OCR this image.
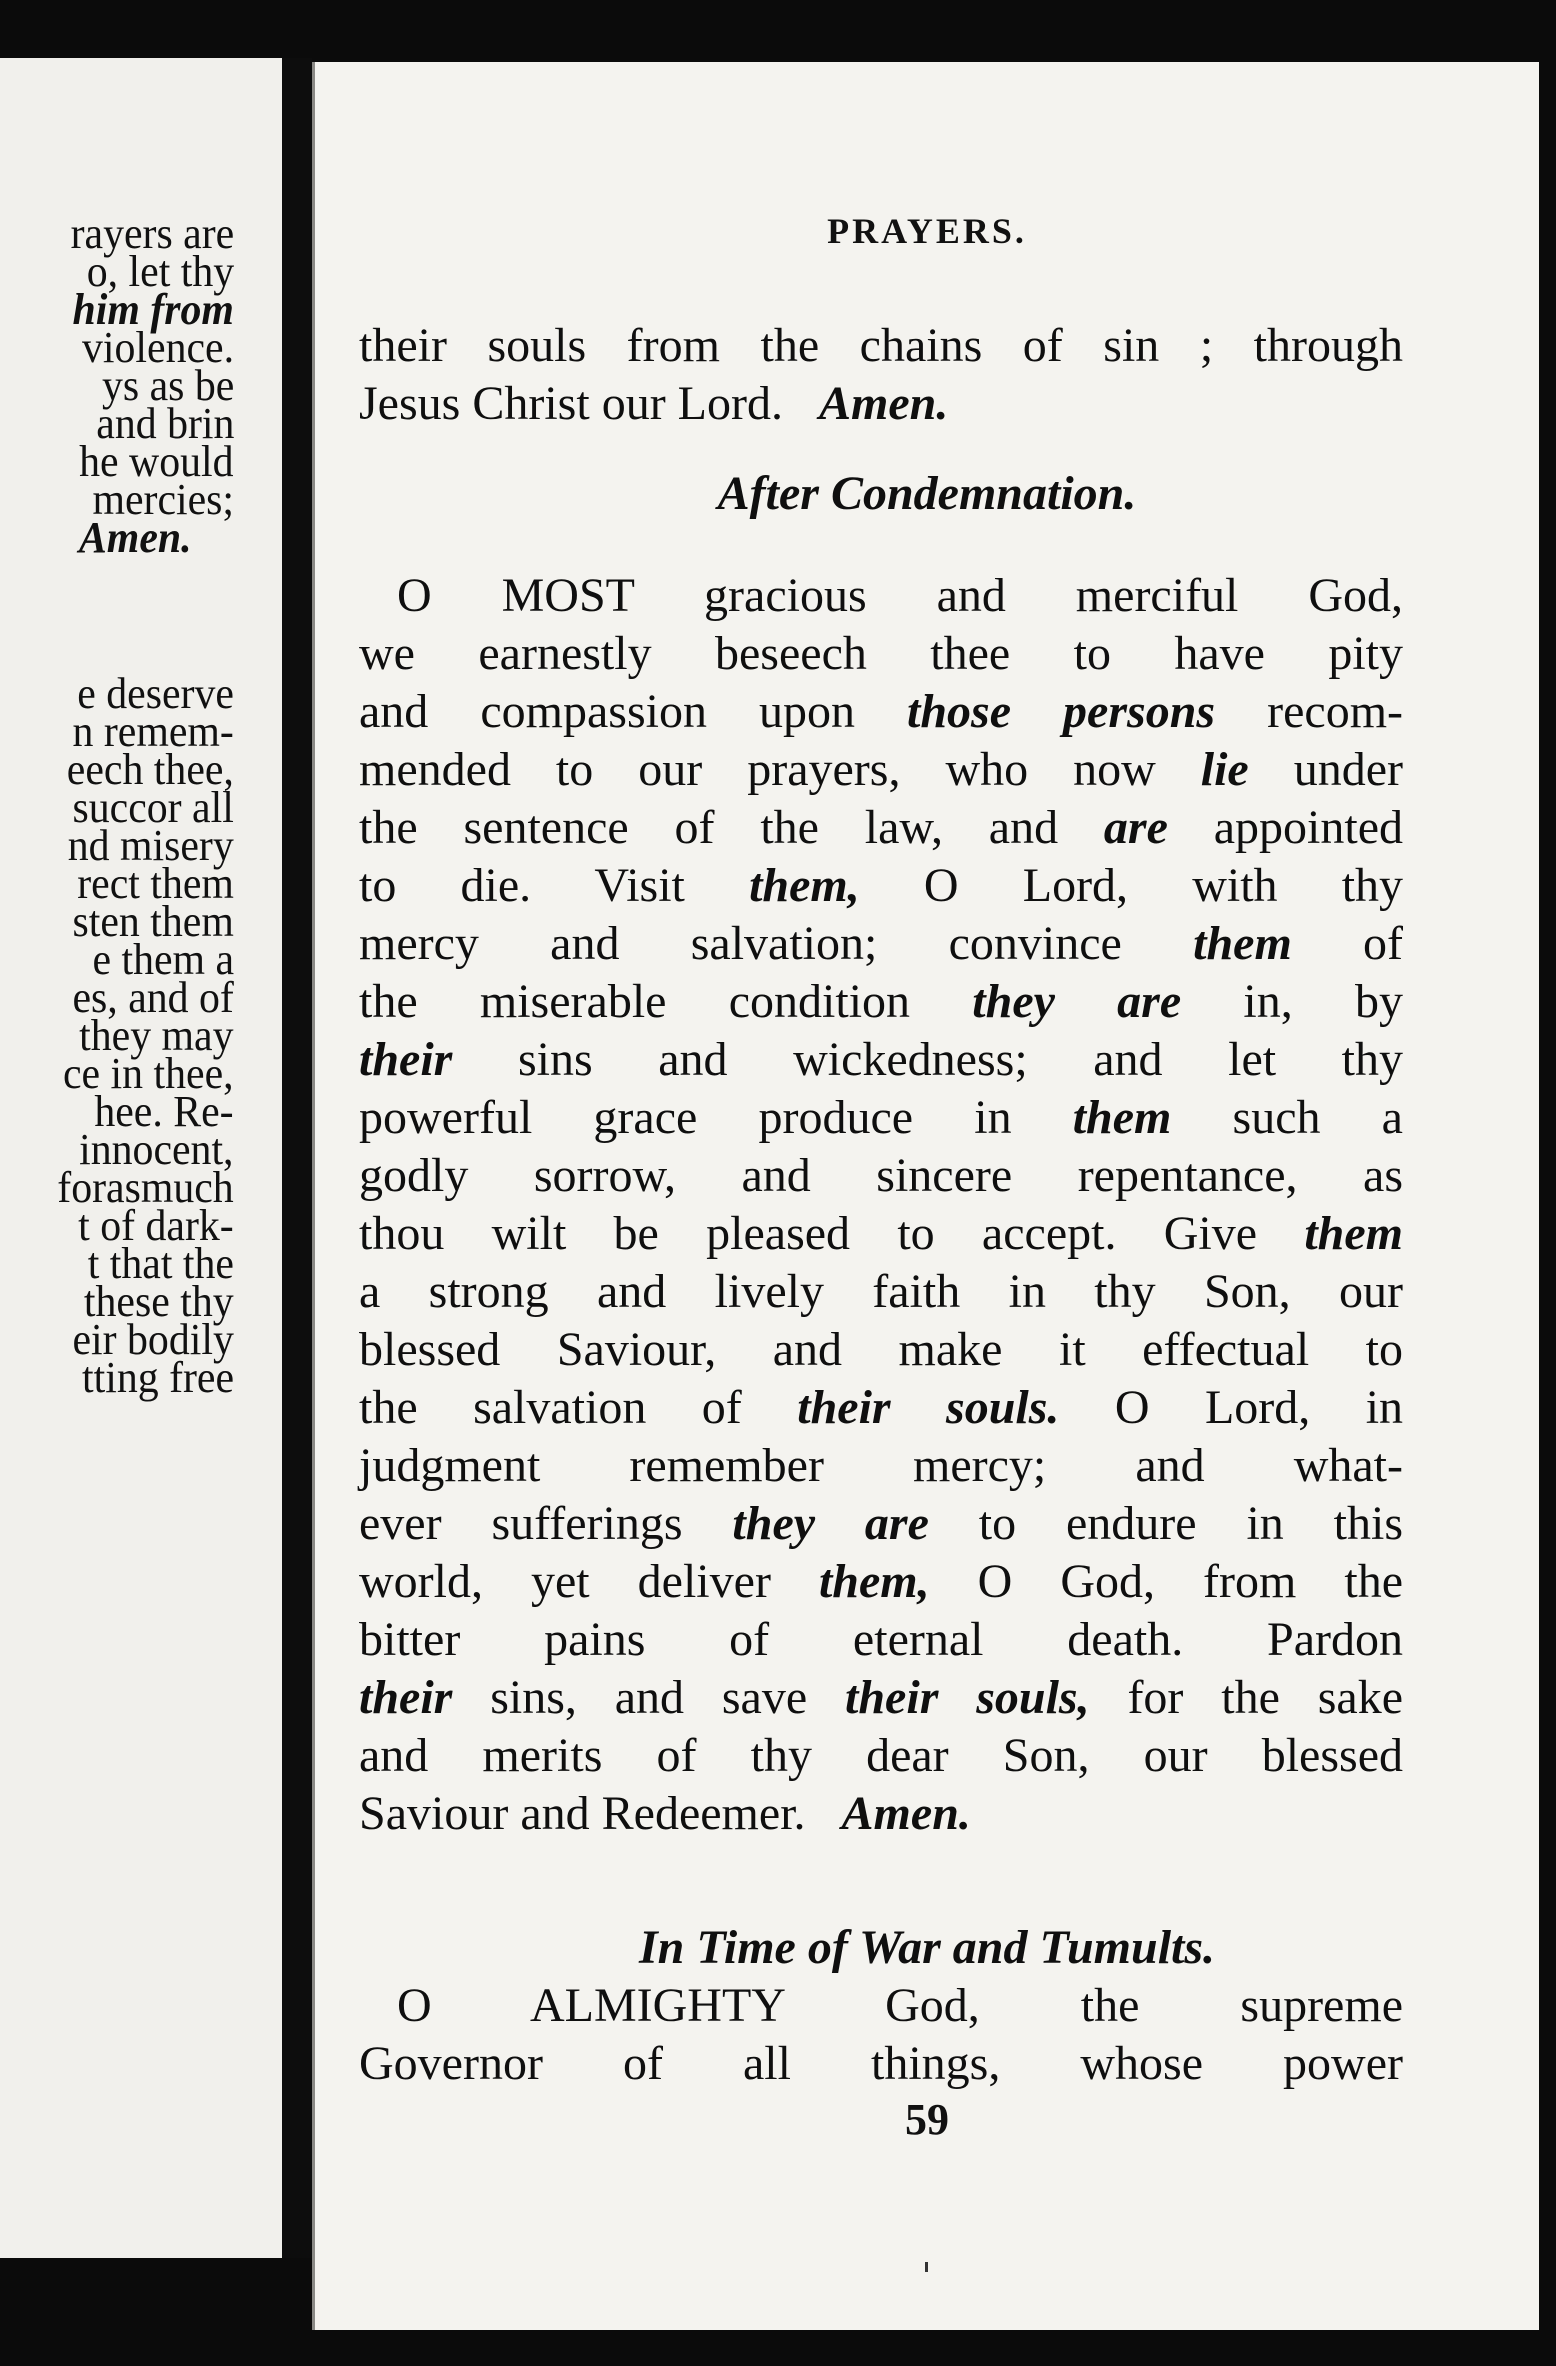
rayers are
o, let thy
him from
violence.
ys as be
and brin
he would
mercies;
Amen.
e deserve
n remem-
eech thee,
succor all
nd misery
rect them
sten them
e them a
es, and of
they may
ce in thee,
hee. Re-
innocent,
forasmuch
t of dark-
t that the
these thy
eir bodily
tting free
PRAYERS.
their souls from the chains of sin ; through
Jesus Christ our Lord. Amen.
After Condemnation.
O MOST gracious and merciful God,
we earnestly beseech thee to have pity
and compassion upon those persons recom-
mended to our prayers, who now lie under
the sentence of the law, and are appointed
to die. Visit them, O Lord, with thy
mercy and salvation; convince them of
the miserable condition they are in, by
their sins and wickedness; and let thy
powerful grace produce in them such a
godly sorrow, and sincere repentance, as
thou wilt be pleased to accept. Give them
a strong and lively faith in thy Son, our
blessed Saviour, and make it effectual to
the salvation of their souls. O Lord, in
judgment remember mercy; and what-
ever sufferings they are to endure in this
world, yet deliver them, O God, from the
bitter pains of eternal death. Pardon
their sins, and save their souls, for the sake
and merits of thy dear Son, our blessed
Saviour and Redeemer. Amen.
In Time of War and Tumults.
O ALMIGHTY God, the supreme
Governor of all things, whose power
59
